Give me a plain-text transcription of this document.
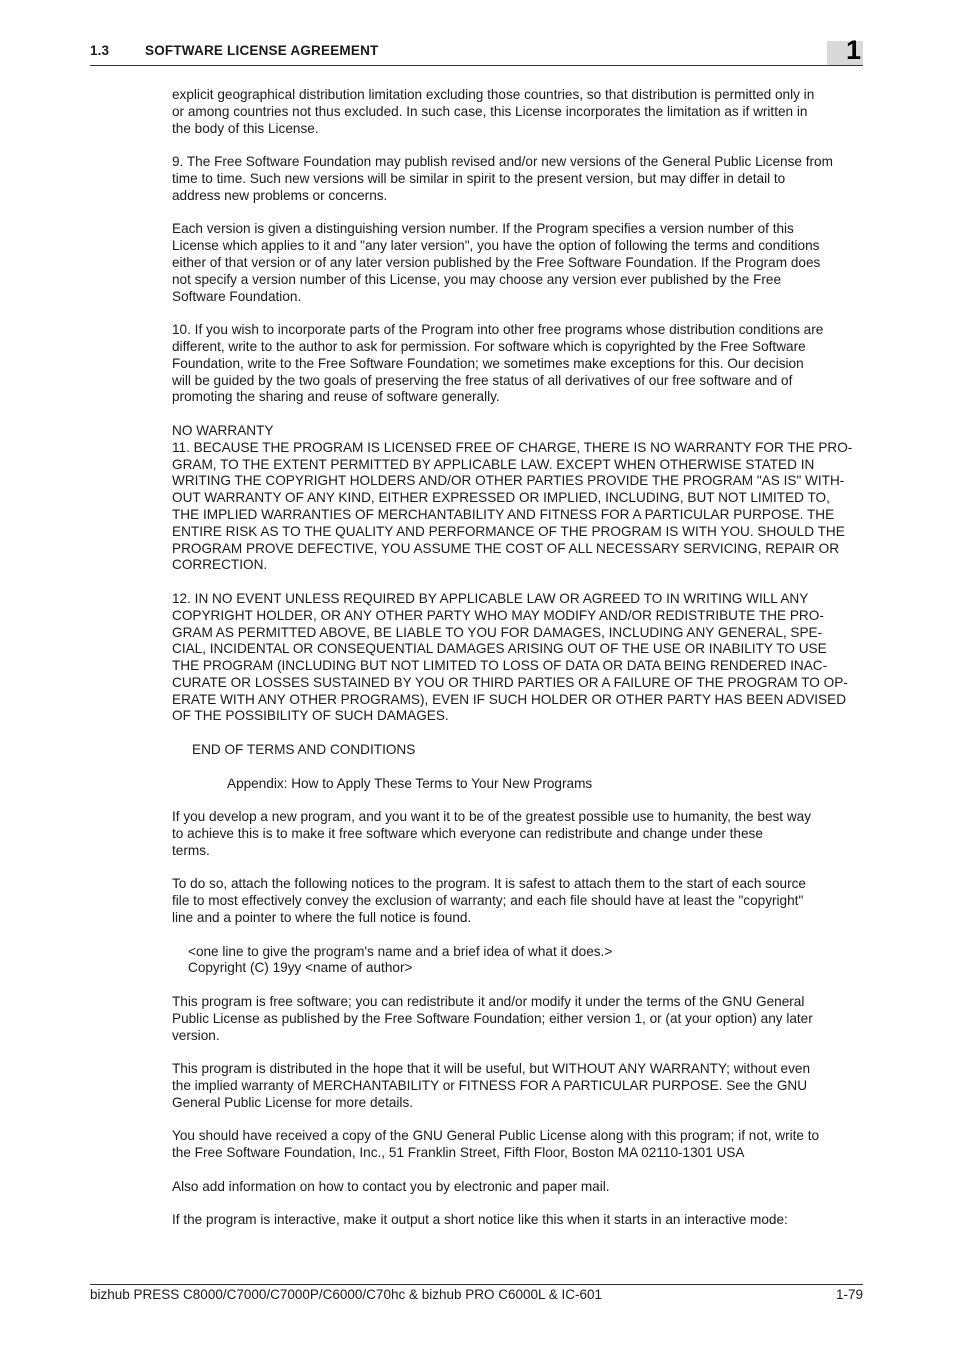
1.3	SOFTWARE LICENSE AGREEMENT	1

explicit geographical distribution limitation excluding those countries, so that distribution is permitted only in
or among countries not thus excluded. In such case, this License incorporates the limitation as if written in
the body of this License.

9. The Free Software Foundation may publish revised and/or new versions of the General Public License from
time to time. Such new versions will be similar in spirit to the present version, but may differ in detail to
address new problems or concerns.

Each version is given a distinguishing version number. If the Program specifies a version number of this
License which applies to it and "any later version", you have the option of following the terms and conditions
either of that version or of any later version published by the Free Software Foundation. If the Program does
not specify a version number of this License, you may choose any version ever published by the Free
Software Foundation.

10. If you wish to incorporate parts of the Program into other free programs whose distribution conditions are
different, write to the author to ask for permission. For software which is copyrighted by the Free Software
Foundation, write to the Free Software Foundation; we sometimes make exceptions for this. Our decision
will be guided by the two goals of preserving the free status of all derivatives of our free software and of
promoting the sharing and reuse of software generally.

NO WARRANTY

11. BECAUSE THE PROGRAM IS LICENSED FREE OF CHARGE, THERE IS NO WARRANTY FOR THE PRO-
GRAM, TO THE EXTENT PERMITTED BY APPLICABLE LAW. EXCEPT WHEN OTHERWISE STATED IN
WRITING THE COPYRIGHT HOLDERS AND/OR OTHER PARTIES PROVIDE THE PROGRAM "AS IS" WITH-
OUT WARRANTY OF ANY KIND, EITHER EXPRESSED OR IMPLIED, INCLUDING, BUT NOT LIMITED TO,
THE IMPLIED WARRANTIES OF MERCHANTABILITY AND FITNESS FOR A PARTICULAR PURPOSE. THE
ENTIRE RISK AS TO THE QUALITY AND PERFORMANCE OF THE PROGRAM IS WITH YOU. SHOULD THE
PROGRAM PROVE DEFECTIVE, YOU ASSUME THE COST OF ALL NECESSARY SERVICING, REPAIR OR
CORRECTION.

12. IN NO EVENT UNLESS REQUIRED BY APPLICABLE LAW OR AGREED TO IN WRITING WILL ANY
COPYRIGHT HOLDER, OR ANY OTHER PARTY WHO MAY MODIFY AND/OR REDISTRIBUTE THE PRO-
GRAM AS PERMITTED ABOVE, BE LIABLE TO YOU FOR DAMAGES, INCLUDING ANY GENERAL, SPE-
CIAL, INCIDENTAL OR CONSEQUENTIAL DAMAGES ARISING OUT OF THE USE OR INABILITY TO USE
THE PROGRAM (INCLUDING BUT NOT LIMITED TO LOSS OF DATA OR DATA BEING RENDERED INAC-
CURATE OR LOSSES SUSTAINED BY YOU OR THIRD PARTIES OR A FAILURE OF THE PROGRAM TO OP-
ERATE WITH ANY OTHER PROGRAMS), EVEN IF SUCH HOLDER OR OTHER PARTY HAS BEEN ADVISED
OF THE POSSIBILITY OF SUCH DAMAGES.

END OF TERMS AND CONDITIONS

Appendix: How to Apply These Terms to Your New Programs

If you develop a new program, and you want it to be of the greatest possible use to humanity, the best way
to achieve this is to make it free software which everyone can redistribute and change under these
terms.

To do so, attach the following notices to the program. It is safest to attach them to the start of each source
file to most effectively convey the exclusion of warranty; and each file should have at least the "copyright"
line and a pointer to where the full notice is found.

<one line to give the program's name and a brief idea of what it does.>

Copyright (C) 19yy <name of author>

This program is free software; you can redistribute it and/or modify it under the terms of the GNU General
Public License as published by the Free Software Foundation; either version 1, or (at your option) any later
version.

This program is distributed in the hope that it will be useful, but WITHOUT ANY WARRANTY; without even
the implied warranty of MERCHANTABILITY or FITNESS FOR A PARTICULAR PURPOSE. See the GNU
General Public License for more details.

You should have received a copy of the GNU General Public License along with this program; if not, write to
the Free Software Foundation, Inc., 51 Franklin Street, Fifth Floor, Boston MA 02110-1301 USA

Also add information on how to contact you by electronic and paper mail.

If the program is interactive, make it output a short notice like this when it starts in an interactive mode:

bizhub PRESS C8000/C7000/C7000P/C6000/C70hc & bizhub PRO C6000L & IC-601	1-79
